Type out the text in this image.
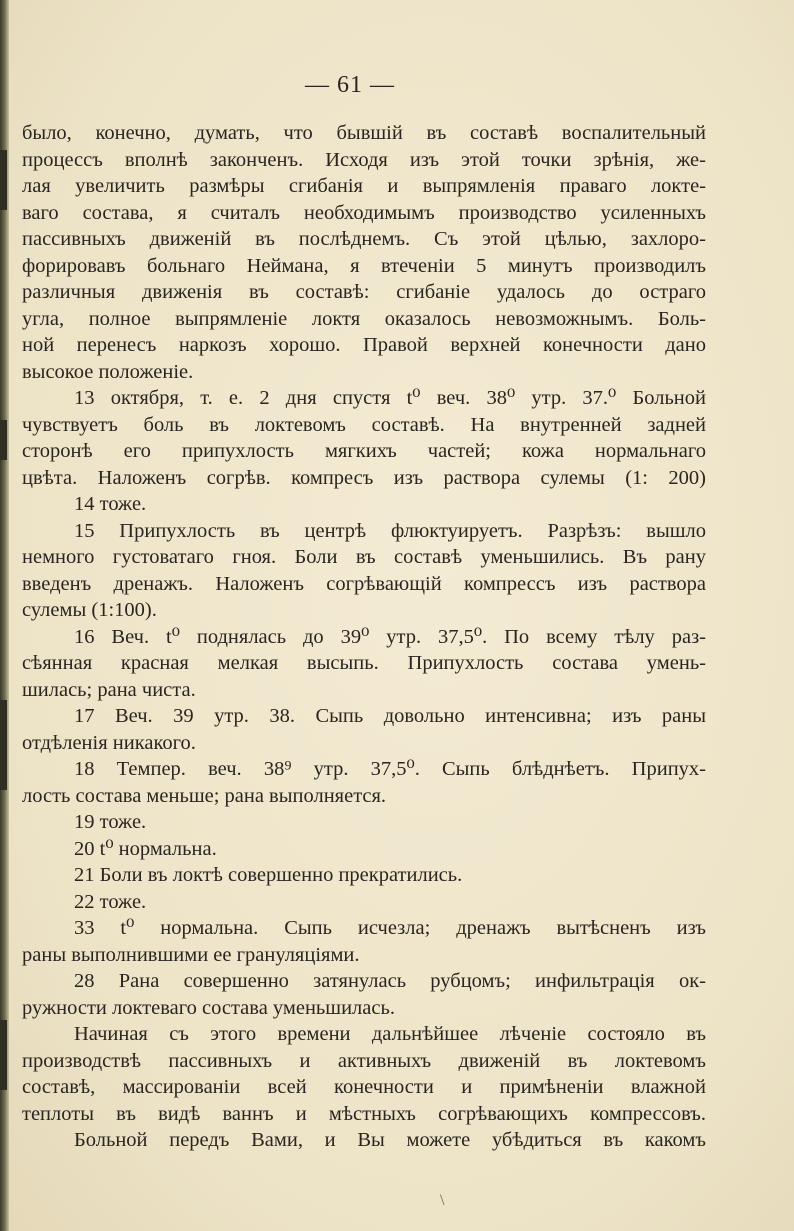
— 61 —
было, конечно, думать, что бывшій въ составѣ воспалительный
процессъ вполнѣ законченъ. Исходя изъ этой точки зрѣнія, же-
лая увеличить размѣры сгибанія и выпрямленія праваго локте-
ваго состава, я считалъ необходимымъ производство усиленныхъ
пассивныхъ движеній въ послѣднемъ. Съ этой цѣлью, захлоро-
форировавъ больнаго Неймана, я втеченіи 5 минутъ производилъ
различныя движенія въ составѣ: сгибаніе удалось до остраго
угла, полное выпрямленіе локтя оказалось невозможнымъ. Боль-
ной перенесъ наркозъ хорошо. Правой верхней конечности дано
высокое положеніе.
13 октября, т. е. 2 дня спустя t⁰ веч. 38⁰ утр. 37.⁰ Больной
чувствуетъ боль въ локтевомъ составѣ. На внутренней задней
сторонѣ его припухлость мягкихъ частей; кожа нормальнаго
цвѣта. Наложенъ согрѣв. компресъ изъ раствора сулемы (1: 200)
14 тоже.
15 Припухлость въ центрѣ флюктуируетъ. Разрѣзъ: вышло
немного густоватаго гноя. Боли въ составѣ уменьшились. Въ рану
введенъ дренажъ. Наложенъ согрѣвающій компрессъ изъ раствора
сулемы (1:100).
16 Веч. t⁰ поднялась до 39⁰ утр. 37,5⁰. По всему тѣлу раз-
сѣянная красная мелкая высыпь. Припухлость состава умень-
шилась; рана чиста.
17 Веч. 39 утр. 38. Сыпь довольно интенсивна; изъ раны
отдѣленія никакого.
18 Темпер. веч. 38⁹ утр. 37,5⁰. Сыпь блѣднѣетъ. Припух-
лость состава меньше; рана выполняется.
19 тоже.
20 t⁰ нормальна.
21 Боли въ локтѣ совершенно прекратились.
22 тоже.
33 t⁰ нормальна. Сыпь исчезла; дренажъ вытѣсненъ изъ
раны выполнившими ее грануляціями.
28 Рана совершенно затянулась рубцомъ; инфильтрація ок-
ружности локтеваго состава уменьшилась.
Начиная съ этого времени дальнѣйшее лѣченіе состояло въ
производствѣ пассивныхъ и активныхъ движеній въ локтевомъ
составѣ, массированіи всей конечности и примѣненіи влажной
теплоты въ видѣ ваннъ и мѣстныхъ согрѣвающихъ компрессовъ.
Больной передъ Вами, и Вы можете убѣдиться въ какомъ
\
